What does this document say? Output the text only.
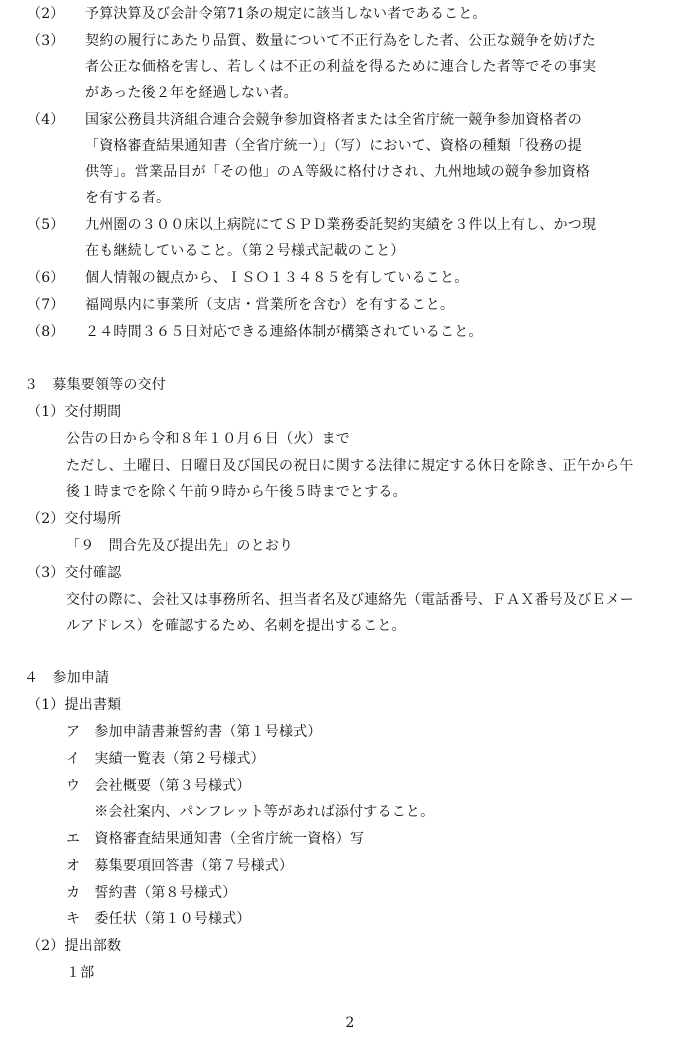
（2） 予算決算及び会計令第71条の規定に該当しない者であること。
（3） 契約の履行にあたり品質、数量について不正行為をした者、公正な競争を妨げた
者公正な価格を害し、若しくは不正の利益を得るために連合した者等でその事実
があった後２年を経過しない者。
（4） 国家公務員共済組合連合会競争参加資格者または全省庁統一競争参加資格者の
「資格審査結果通知書（全省庁統一）」（写）において、資格の種類「役務の提
供等」。営業品目が「その他」のＡ等級に格付けされ、九州地域の競争参加資格
を有する者。
（5） 九州圏の３００床以上病院にてＳＰＤ業務委託契約実績を３件以上有し、かつ現
在も継続していること。（第２号様式記載のこと）
（6） 個人情報の観点から、ＩＳＯ１３４８５を有していること。
（7） 福岡県内に事業所（支店・営業所を含む）を有すること。
（8） ２４時間３６５日対応できる連絡体制が構築されていること。
３　募集要領等の交付
（1）交付期間
公告の日から令和８年１０月６日（火）まで
ただし、土曜日、日曜日及び国民の祝日に関する法律に規定する休日を除き、正午から午
後１時までを除く午前９時から午後５時までとする。
（2）交付場所
「９　問合先及び提出先」のとおり
（3）交付確認
交付の際に、会社又は事務所名、担当者名及び連絡先（電話番号、ＦＡＸ番号及びＥメー
ルアドレス）を確認するため、名刺を提出すること。
４　参加申請
（1）提出書類
ア　参加申請書兼誓約書（第１号様式）
イ　実績一覧表（第２号様式）
ウ　会社概要（第３号様式）
　※会社案内、パンフレット等があれば添付すること。
エ　資格審査結果通知書（全省庁統一資格）写
オ　募集要項回答書（第７号様式）
カ　誓約書（第８号様式）
キ　委任状（第１０号様式）
（2）提出部数
１部
2
